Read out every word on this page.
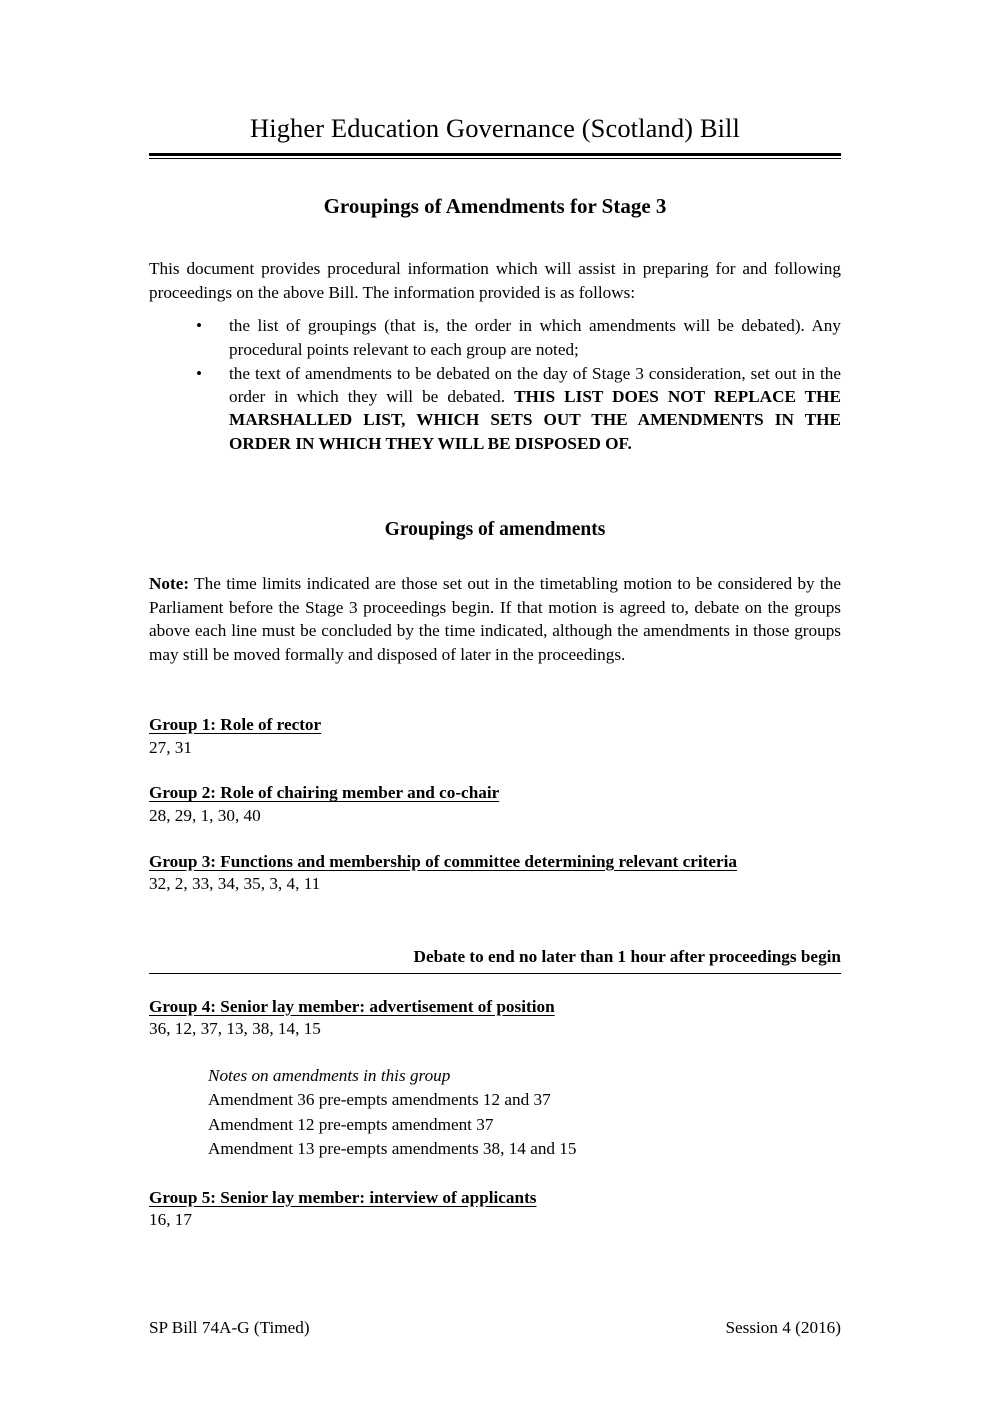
Higher Education Governance (Scotland) Bill
Groupings of Amendments for Stage 3

This document provides procedural information which will assist in preparing for and following proceedings on the above Bill. The information provided is as follows:

• the list of groupings (that is, the order in which amendments will be debated). Any procedural points relevant to each group are noted;
• the text of amendments to be debated on the day of Stage 3 consideration, set out in the order in which they will be debated. THIS LIST DOES NOT REPLACE THE MARSHALLED LIST, WHICH SETS OUT THE AMENDMENTS IN THE ORDER IN WHICH THEY WILL BE DISPOSED OF.
Groupings of amendments

Note: The time limits indicated are those set out in the timetabling motion to be considered by the Parliament before the Stage 3 proceedings begin. If that motion is agreed to, debate on the groups above each line must be concluded by the time indicated, although the amendments in those groups may still be moved formally and disposed of later in the proceedings.

Group 1: Role of rector
27, 31
Group 2: Role of chairing member and co-chair
28, 29, 1, 30, 40
Group 3: Functions and membership of committee determining relevant criteria
32, 2, 33, 34, 35, 3, 4, 11

Debate to end no later than 1 hour after proceedings begin

Group 4: Senior lay member: advertisement of position
36, 12, 37, 13, 38, 14, 15

Notes on amendments in this group

Amendment 36 pre-empts amendments 12 and 37

Amendment 12 pre-empts amendment 37

Amendment 13 pre-empts amendments 38, 14 and 15

Group 5: Senior lay member: interview of applicants
16, 17
SP Bill 74A-G (Timed)	Session 4 (2016)
